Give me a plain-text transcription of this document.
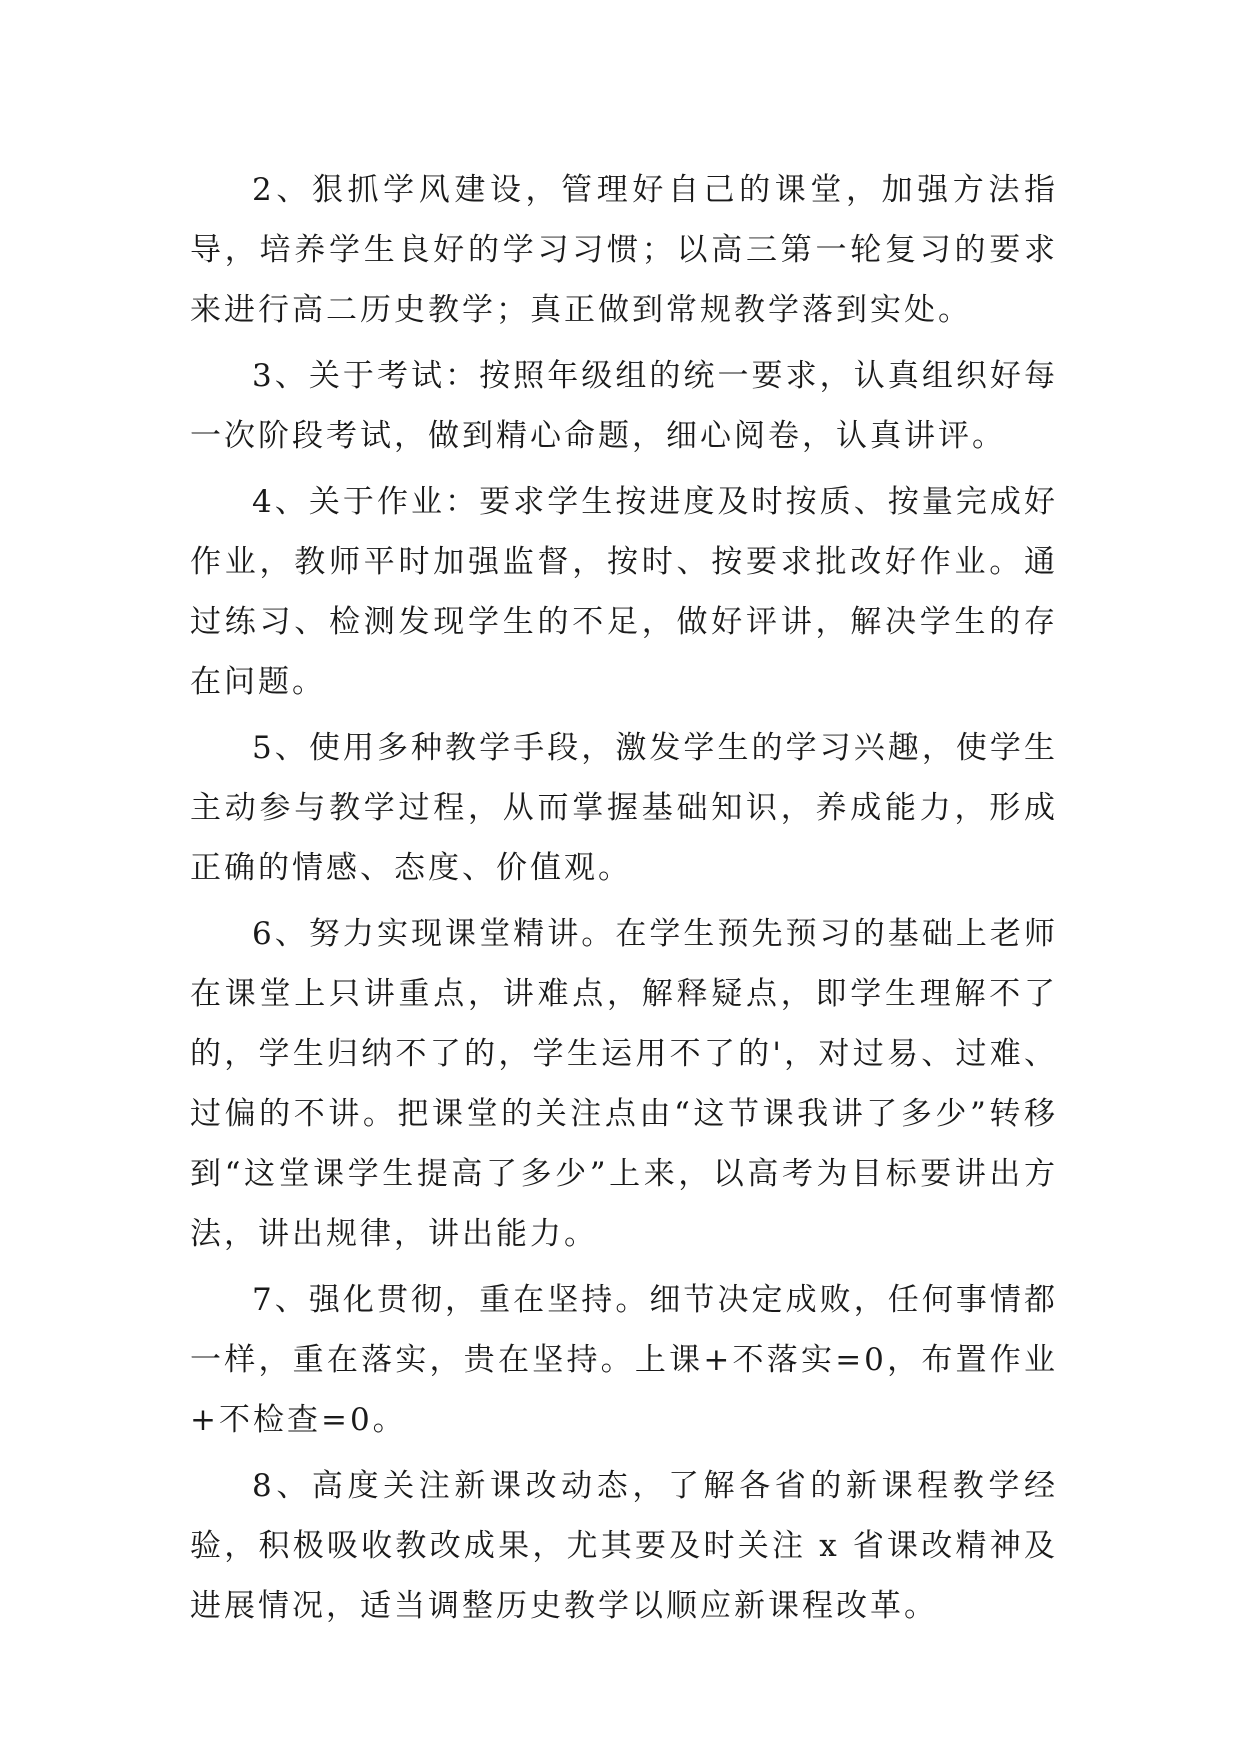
2、狠抓学风建设，管理好自己的课堂，加强方法指导，培养学生良好的学习习惯；以高三第一轮复习的要求来进行高二历史教学；真正做到常规教学落到实处。

3、关于考试：按照年级组的统一要求，认真组织好每一次阶段考试，做到精心命题，细心阅卷，认真讲评。

4、关于作业：要求学生按进度及时按质、按量完成好作业，教师平时加强监督，按时、按要求批改好作业。通过练习、检测发现学生的不足，做好评讲，解决学生的存在问题。

5、使用多种教学手段，激发学生的学习兴趣，使学生主动参与教学过程，从而掌握基础知识，养成能力，形成正确的情感、态度、价值观。

6、努力实现课堂精讲。在学生预先预习的基础上老师在课堂上只讲重点，讲难点，解释疑点，即学生理解不了的，学生归纳不了的，学生运用不了的'，对过易、过难、过偏的不讲。把课堂的关注点由“这节课我讲了多少”转移到“这堂课学生提高了多少”上来，以高考为目标要讲出方法，讲出规律，讲出能力。

7、强化贯彻，重在坚持。细节决定成败，任何事情都一样，重在落实，贵在坚持。上课+不落实=0，布置作业+不检查=0。

8、高度关注新课改动态，了解各省的新课程教学经验，积极吸收教改成果，尤其要及时关注 x 省课改精神及进展情况，适当调整历史教学以顺应新课程改革。
